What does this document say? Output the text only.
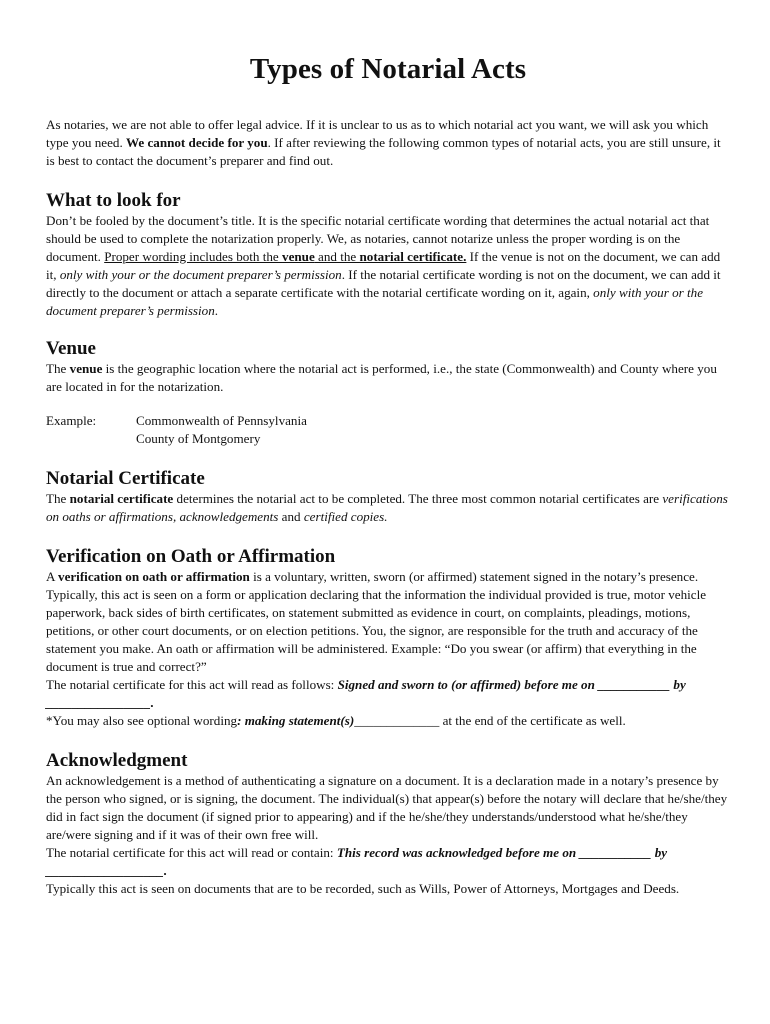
Types of Notarial Acts

As notaries, we are not able to offer legal advice. If it is unclear to us as to which notarial act you want, we will ask you which type you need. We cannot decide for you. If after reviewing the following common types of notarial acts, you are still unsure, it is best to contact the document’s preparer and find out.

What to look for

Don’t be fooled by the document’s title. It is the specific notarial certificate wording that determines the actual notarial act that should be used to complete the notarization properly. We, as notaries, cannot notarize unless the proper wording is on the document. Proper wording includes both the venue and the notarial certificate. If the venue is not on the document, we can add it, only with your or the document preparer’s permission. If the notarial certificate wording is not on the document, we can add it directly to the document or attach a separate certificate with the notarial certificate wording on it, again, only with your or the document preparer’s permission.

Venue

The venue is the geographic location where the notarial act is performed, i.e., the state (Commonwealth) and County where you are located in for the notarization.

Example:	Commonwealth of Pennsylvania
County of Montgomery
Notarial Certificate

The notarial certificate determines the notarial act to be completed. The three most common notarial certificates are verifications on oaths or affirmations, acknowledgements and certified copies.

Verification on Oath or Affirmation

A verification on oath or affirmation is a voluntary, written, sworn (or affirmed) statement signed in the notary’s presence. Typically, this act is seen on a form or application declaring that the information the individual provided is true, motor vehicle paperwork, back sides of birth certificates, on statement submitted as evidence in court, on complaints, pleadings, motions, petitions, or other court documents, or on election petitions. You, the signor, are responsible for the truth and accuracy of the statement you make. An oath or affirmation will be administered. Example: “Do you swear (or affirm) that everything in the document is true and correct?”

The notarial certificate for this act will read as follows: Signed and sworn to (or affirmed) before me on ___________ by ________________.

*You may also see optional wording: making statement(s)_____________ at the end of the certificate as well.

Acknowledgment

An acknowledgement is a method of authenticating a signature on a document. It is a declaration made in a notary’s presence by the person who signed, or is signing, the document. The individual(s) that appear(s) before the notary will declare that he/she/they did in fact sign the document (if signed prior to appearing) and if the he/she/they understands/understood what he/she/they are/were signing and if it was of their own free will.

The notarial certificate for this act will read or contain: This record was acknowledged before me on ___________ by __________________.

Typically this act is seen on documents that are to be recorded, such as Wills, Power of Attorneys, Mortgages and Deeds.
